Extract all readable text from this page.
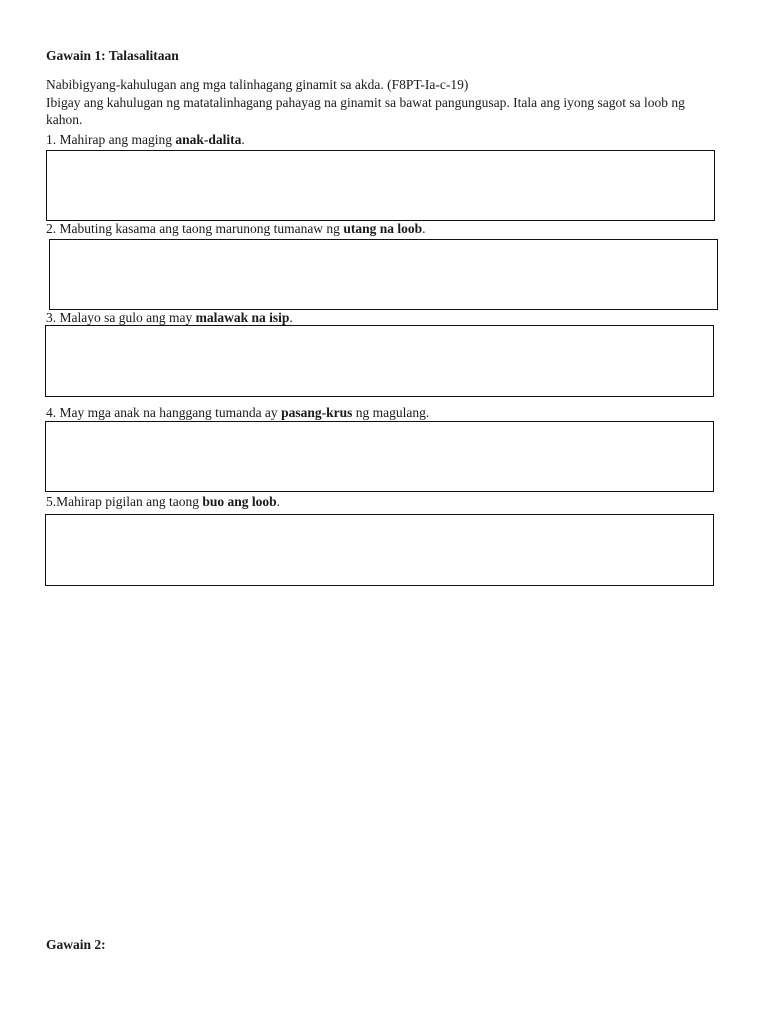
Gawain 1: Talasalitaan
Nabibigyang-kahulugan ang mga talinhagang ginamit sa akda. (F8PT-Ia-c-19)
Ibigay ang kahulugan ng matatalinhagang pahayag na ginamit sa bawat pangungusap. Itala ang iyong sagot sa loob ng kahon.
1. Mahirap ang maging anak-dalita.
2. Mabuting kasama ang taong marunong tumanaw ng utang na loob.
3. Malayo sa gulo ang may malawak na isip.
4. May mga anak na hanggang tumanda ay pasang-krus ng magulang.
5.Mahirap pigilan ang taong buo ang loob.
Gawain 2:
